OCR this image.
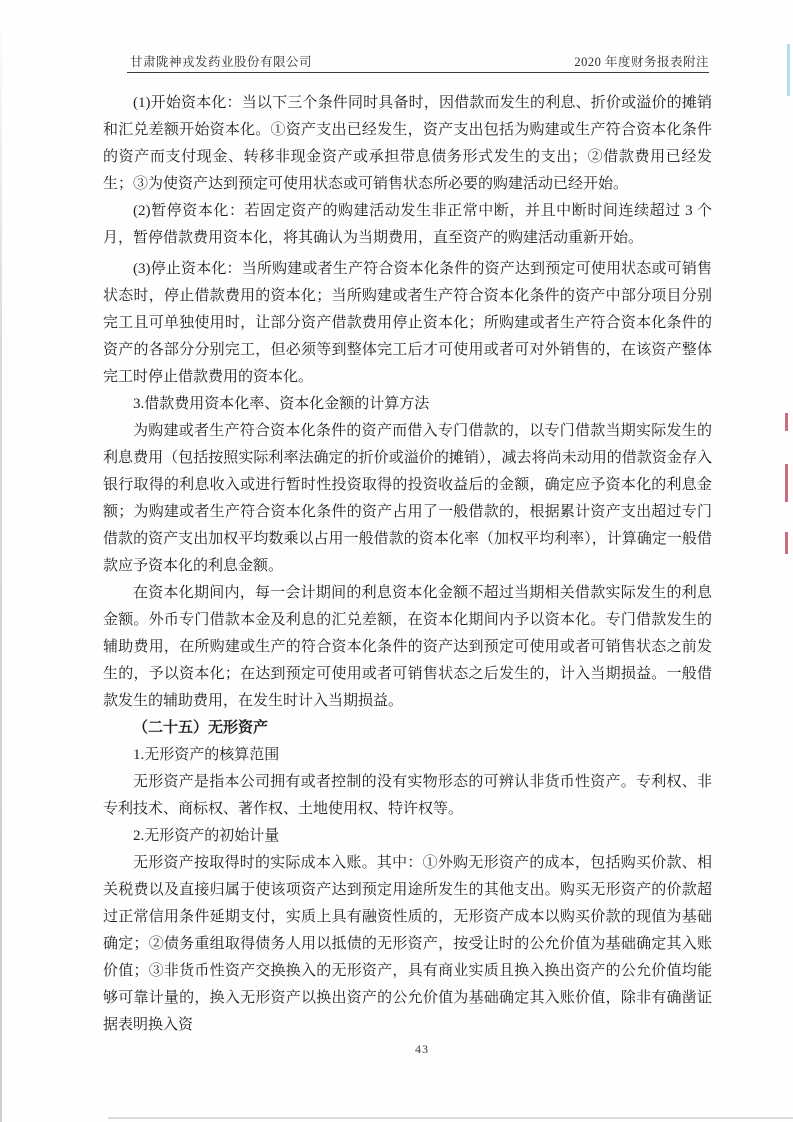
甘肃陇神戎发药业股份有限公司	2020 年度财务报表附注

(1)开始资本化：当以下三个条件同时具备时，因借款而发生的利息、折价或溢价的摊销和汇兑差额开始资本化。①资产支出已经发生，资产支出包括为购建或生产符合资本化条件的资产而支付现金、转移非现金资产或承担带息债务形式发生的支出；②借款费用已经发生；③为使资产达到预定可使用状态或可销售状态所必要的购建活动已经开始。

(2)暂停资本化：若固定资产的购建活动发生非正常中断，并且中断时间连续超过 3 个月，暂停借款费用资本化，将其确认为当期费用，直至资产的购建活动重新开始。

(3)停止资本化：当所购建或者生产符合资本化条件的资产达到预定可使用状态或可销售状态时，停止借款费用的资本化；当所购建或者生产符合资本化条件的资产中部分项目分别完工且可单独使用时，让部分资产借款费用停止资本化；所购建或者生产符合资本化条件的资产的各部分分别完工，但必须等到整体完工后才可使用或者可对外销售的，在该资产整体完工时停止借款费用的资本化。

3.借款费用资本化率、资本化金额的计算方法

为购建或者生产符合资本化条件的资产而借入专门借款的，以专门借款当期实际发生的利息费用（包括按照实际利率法确定的折价或溢价的摊销），减去将尚未动用的借款资金存入银行取得的利息收入或进行暂时性投资取得的投资收益后的金额，确定应予资本化的利息金额；为购建或者生产符合资本化条件的资产占用了一般借款的，根据累计资产支出超过专门借款的资产支出加权平均数乘以占用一般借款的资本化率（加权平均利率），计算确定一般借款应予资本化的利息金额。

在资本化期间内，每一会计期间的利息资本化金额不超过当期相关借款实际发生的利息金额。外币专门借款本金及利息的汇兑差额，在资本化期间内予以资本化。专门借款发生的辅助费用，在所购建或生产的符合资本化条件的资产达到预定可使用或者可销售状态之前发生的，予以资本化；在达到预定可使用或者可销售状态之后发生的，计入当期损益。一般借款发生的辅助费用，在发生时计入当期损益。

（二十五）无形资产

1.无形资产的核算范围

无形资产是指本公司拥有或者控制的没有实物形态的可辨认非货币性资产。专利权、非专利技术、商标权、著作权、土地使用权、特许权等。

2.无形资产的初始计量

无形资产按取得时的实际成本入账。其中：①外购无形资产的成本，包括购买价款、相关税费以及直接归属于使该项资产达到预定用途所发生的其他支出。购买无形资产的价款超过正常信用条件延期支付，实质上具有融资性质的，无形资产成本以购买价款的现值为基础确定；②债务重组取得债务人用以抵债的无形资产，按受让时的公允价值为基础确定其入账价值；③非货币性资产交换换入的无形资产，具有商业实质且换入换出资产的公允价值均能够可靠计量的，换入无形资产以换出资产的公允价值为基础确定其入账价值，除非有确凿证据表明换入资

43
